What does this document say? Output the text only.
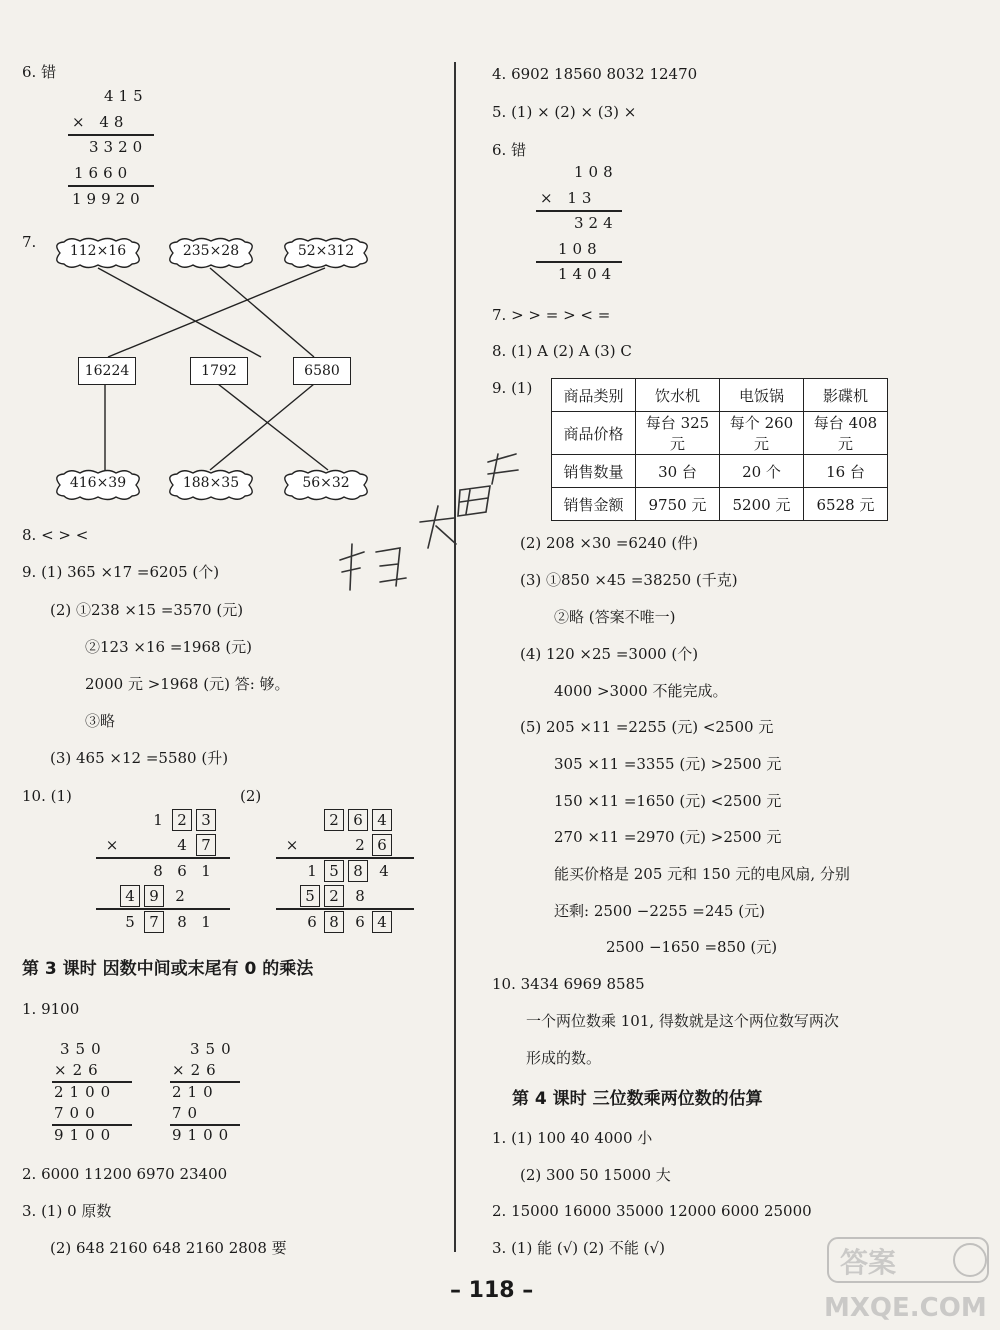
6. 错
415
× 48
3320
1660
19920
7.	112×16	235×28	52×312
16224	1792	6580
416×39	188×35	56×32
8. < > <
9. (1) 365 ×17 =6205 (个)
(2) ①238 ×15 =3570 (元)
②123 ×16 =1968 (元)
2000 元 >1968 (元) 答: 够。
③略
(3) 465 ×12 =5580 (升)
10. (1)	(2)
1 2 3
×	4 7
8 6 1
4 9	2
5 7	8 1
2 6 4
×	2 6
1 5 8	4
5 2	8
6 8	6 4
第 3 课时 因数中间或末尾有 0 的乘法
1. 9100
350
×26
2100
700
9100
350
×26
210
70
9100
2. 6000 11200 6970 23400
3. (1) 0 原数
(2) 648 2160 648 2160 2808 要
4. 6902 18560 8032 12470
5. (1) × (2) × (3) ×
6. 错
108
× 13
324
108
1404
7. > > = > < =
8. (1) A (2) A (3) C
9. (1) 商品类别	饮水机	电饭锅	影碟机
商品价格	每台 325 元	每个 260 元	每台 408 元
销售数量	30 台	20 个	16 台
销售金额	9750 元	5200 元	6528 元
(2) 208 ×30 =6240 (件)
(3) ①850 ×45 =38250 (千克)
②略 (答案不唯一)
(4) 120 ×25 =3000 (个)
4000 >3000 不能完成。
(5) 205 ×11 =2255 (元) <2500 元
305 ×11 =3355 (元) >2500 元
150 ×11 =1650 (元) <2500 元
270 ×11 =2970 (元) >2500 元
能买价格是 205 元和 150 元的电风扇, 分别
还剩: 2500 −2255 =245 (元)
2500 −1650 =850 (元)
10. 3434 6969 8585
一个两位数乘 101, 得数就是这个两位数写两次
形成的数。
第 4 课时 三位数乘两位数的估算
1. (1) 100 40 4000 小
(2) 300 50 15000 大
2. 15000 16000 35000 12000 6000 25000
3. (1) 能 (√) (2) 不能 (√)
– 118 –
答案
MXQE.COM
